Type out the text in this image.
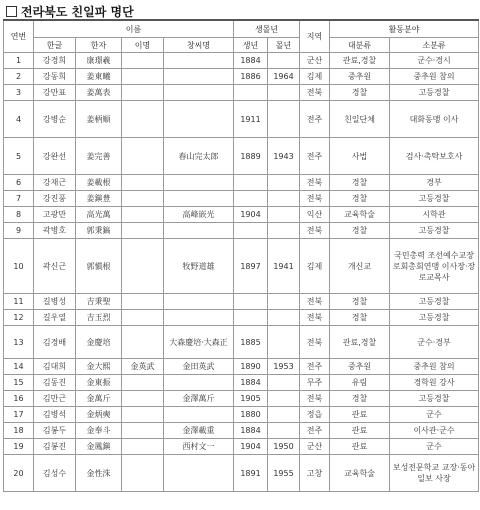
전라북도 친일파 명단
연번	이름				생몰년		지역	활동분야	
	한글	한자	이명	창씨명	생년	몰년		대분류	소분류
1	강경희	康璟羲			1884		군산	관료,경찰	군수·경시
2	강동희	姜東曦			1886	1964	김제	중추원	중추원 참의
3	강만표	姜萬表					전북	경찰	고등경찰
4	강병순	姜柄順			1911		전주	친일단체	대화동맹 이사
5	강완선	姜完善		春山完太郎	1889	1943	전주	사법	검사·촉탁보호사
6	강재근	姜載根					전북	경찰	경부
7	강진풍	姜鎭豊					전북	경찰	고등경찰
8	고광만	高光萬		高峰嵌光	1904		익산	교육학술	시학관
9	곽병호	郭秉鎬					전북	경찰	고등경찰
10	곽신근	郭愼根		牧野道雄	1897	1941	김제	개신교	국민총력 조선예수교장로회총회연맹 이사장·장로교목사
11	길병성	吉秉聖					전북	경찰	고등경찰
12	길우열	吉玉烈					전북	경찰	고등경찰
13	김경배	金慶培		大森慶培·大森正	1885		전북	관료,경찰	군수·경부
14	김대희	金大熙	金英武	金田英武	1890	1953	전주	중추원	중추원 참의
15	김동진	金東振			1884		무주	유림	경학원 강사
16	김만근	金萬斤		金澤萬斤	1905		전북	경찰	고등경찰
17	김병석	金炳奭			1880		정읍	관료	군수
18	김봉두	金奉斗		金澤載重	1884		전주	관료	이사관·군수
19	김봉진	金鳳鎭		西村文一	1904	1950	군산	관료	군수
20	김성수	金性洙			1891	1955	고창	교육학술	보성전문학교 교장·동아일보 사장
